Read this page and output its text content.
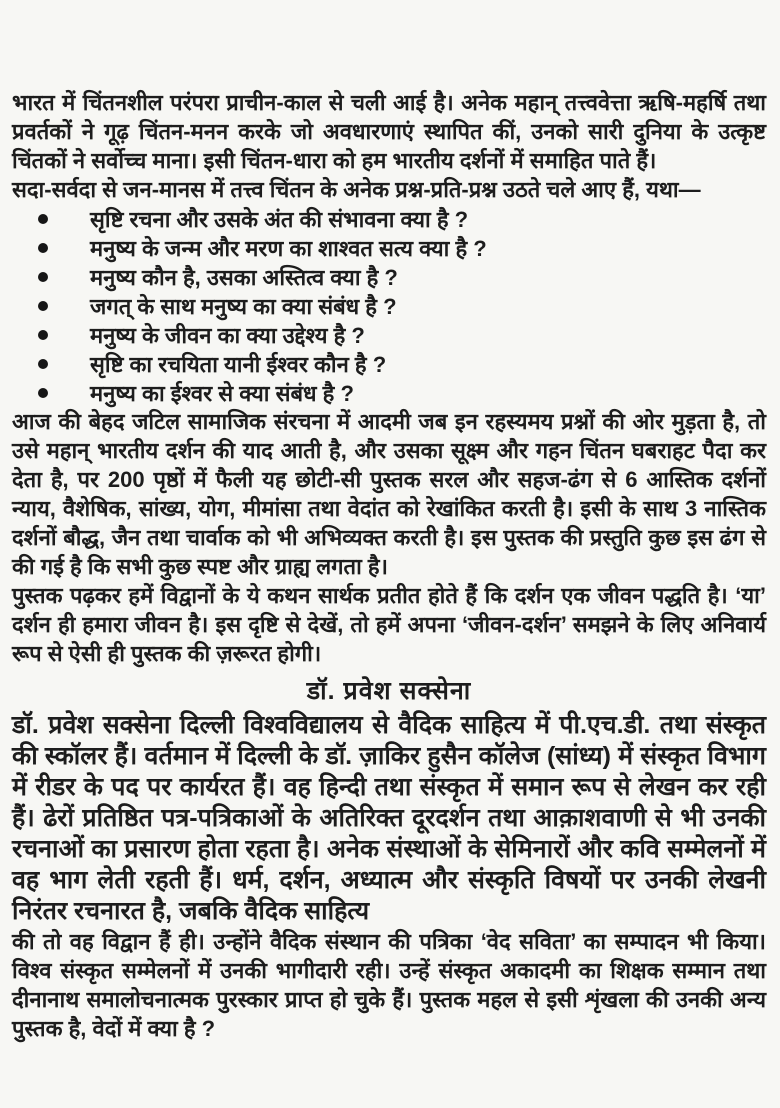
भारत में चिंतनशील परंपरा प्राचीन-काल से चली आई है। अनेक महान् तत्त्ववेत्ता ऋषि-महर्षि तथा प्रवर्तकों ने गूढ़ चिंतन-मनन करके जो अवधारणाएं स्थापित कीं, उनको सारी दुनिया के उत्कृष्ट चिंतकों ने सर्वोच्च माना। इसी चिंतन-धारा को हम भारतीय दर्शनों में समाहित पाते हैं।

सदा-सर्वदा से जन-मानस में तत्त्व चिंतन के अनेक प्रश्न-प्रति-प्रश्न उठते चले आए हैं, यथा—

सृष्टि रचना और उसके अंत की संभावना क्या है ?
मनुष्य के जन्म और मरण का शाश्वत सत्य क्या है ?
मनुष्य कौन है, उसका अस्तित्व क्या है ?
जगत् के साथ मनुष्य का क्या संबंध है ?
मनुष्य के जीवन का क्या उद्देश्य है ?
सृष्टि का रचयिता यानी ईश्वर कौन है ?
मनुष्य का ईश्वर से क्या संबंध है ?

आज की बेहद जटिल सामाजिक संरचना में आदमी जब इन रहस्यमय प्रश्नों की ओर मुड़ता है, तो उसे महान् भारतीय दर्शन की याद आती है, और उसका सूक्ष्म और गहन चिंतन घबराहट पैदा कर देता है, पर 200 पृष्ठों में फैली यह छोटी-सी पुस्तक सरल और सहज-ढंग से 6 आस्तिक दर्शनों न्याय, वैशेषिक, सांख्य, योग, मीमांसा तथा वेदांत को रेखांकित करती है। इसी के साथ 3 नास्तिक दर्शनों बौद्ध, जैन तथा चार्वाक को भी अभिव्यक्त करती है। इस पुस्तक की प्रस्तुति कुछ इस ढंग से की गई है कि सभी कुछ स्पष्ट और ग्राह्य लगता है।

पुस्तक पढ़कर हमें विद्वानों के ये कथन सार्थक प्रतीत होते हैं कि दर्शन एक जीवन पद्धति है। ‘या’ दर्शन ही हमारा जीवन है। इस दृष्टि से देखें, तो हमें अपना ‘जीवन-दर्शन’ समझने के लिए अनिवार्य रूप से ऐसी ही पुस्तक की ज़रूरत होगी।

डॉ. प्रवेश सक्सेना

डॉ. प्रवेश सक्सेना दिल्ली विश्वविद्यालय से वैदिक साहित्य में पी.एच.डी. तथा संस्कृत की स्कॉलर हैं। वर्तमान में दिल्ली के डॉ. ज़ाकिर हुसैन कॉलेज (सांध्य) में संस्कृत विभाग में रीडर के पद पर कार्यरत हैं। वह हिन्दी तथा संस्कृत में समान रूप से लेखन कर रही हैं। ढेरों प्रतिष्ठित पत्र-पत्रिकाओं के अतिरिक्त दूरदर्शन तथा आक़ाशवाणी से भी उनकी रचनाओं का प्रसारण होता रहता है। अनेक संस्थाओं के सेमिनारों और कवि सम्मेलनों में वह भाग लेती रहती हैं। धर्म, दर्शन, अध्यात्म और संस्कृति विषयों पर उनकी लेखनी निरंतर रचनारत है, जबकि वैदिक साहित्य

की तो वह विद्वान हैं ही। उन्होंने वैदिक संस्थान की पत्रिका ‘वेद सविता’ का सम्पादन भी किया। विश्व संस्कृत सम्मेलनों में उनकी भागीदारी रही। उन्हें संस्कृत अकादमी का शिक्षक सम्मान तथा दीनानाथ समालोचनात्मक पुरस्कार प्राप्त हो चुके हैं। पुस्तक महल से इसी शृंखला की उनकी अन्य पुस्तक है, वेदों में क्या है ?
